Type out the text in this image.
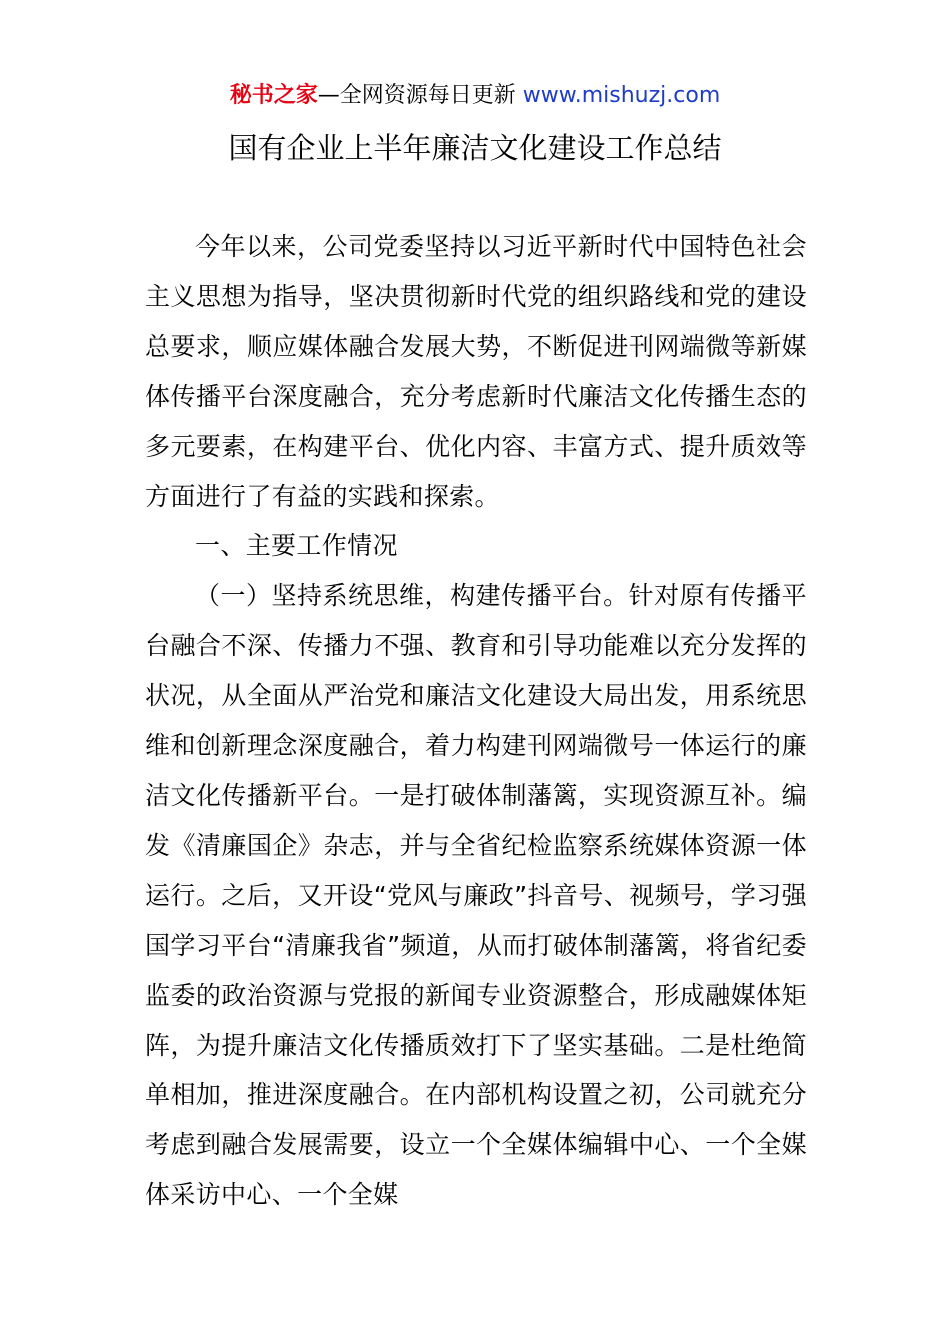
秘书之家—全网资源每日更新 www.mishuzj.com
国有企业上半年廉洁文化建设工作总结

今年以来，公司党委坚持以习近平新时代中国特色社会主义思想为指导，坚决贯彻新时代党的组织路线和党的建设总要求，顺应媒体融合发展大势，不断促进刊网端微等新媒体传播平台深度融合，充分考虑新时代廉洁文化传播生态的多元要素，在构建平台、优化内容、丰富方式、提升质效等方面进行了有益的实践和探索。

一、主要工作情况

（一）坚持系统思维，构建传播平台。针对原有传播平台融合不深、传播力不强、教育和引导功能难以充分发挥的状况，从全面从严治党和廉洁文化建设大局出发，用系统思维和创新理念深度融合，着力构建刊网端微号一体运行的廉洁文化传播新平台。一是打破体制藩篱，实现资源互补。编发《清廉国企》杂志，并与全省纪检监察系统媒体资源一体运行。之后，又开设“党风与廉政”抖音号、视频号，学习强国学习平台“清廉我省”频道，从而打破体制藩篱，将省纪委监委的政治资源与党报的新闻专业资源整合，形成融媒体矩阵，为提升廉洁文化传播质效打下了坚实基础。二是杜绝简单相加，推进深度融合。在内部机构设置之初，公司就充分考虑到融合发展需要，设立一个全媒体编辑中心、一个全媒体采访中心、一个全媒
